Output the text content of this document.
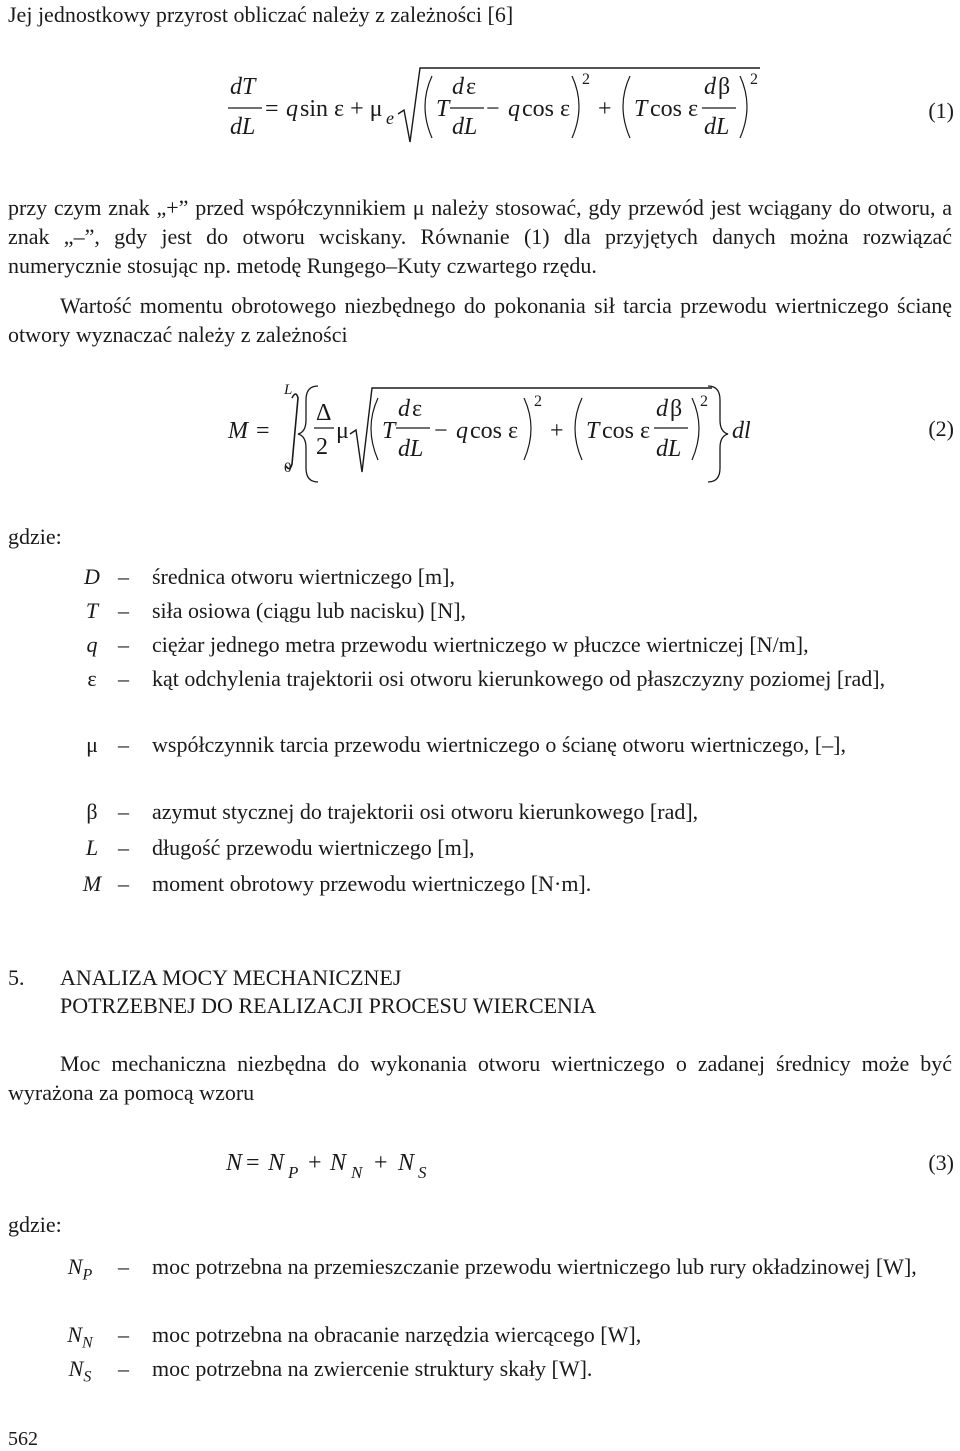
Jej jednostkowy przyrost obliczać należy z zależności [6]
dT
dL
= q sin ε + μ e T
d ε
dL
− q cos ε
2
+ T cos ε
d β
dL
2
(1)
przy czym znak „+” przed współczynnikiem μ należy stosować, gdy przewód jest wciągany do otworu, a znak „–”, gdy jest do otworu wciskany. Równanie (1) dla przyjętych danych można rozwiązać numerycznie stosując np. metodę Rungego–Kuty czwartego rzędu.
Wartość momentu obrotowego niezbędnego do pokonania sił tarcia przewodu wiertniczego ścianę otwory wyznaczać należy z zależności
M =
L
0
Δ
2
μ T
d ε
dL
− q cos ε
2
+ T cos ε
d β
dL
2
dl	(2)
gdzie:
D – średnica otworu wiertniczego [m],
T – siła osiowa (ciągu lub nacisku) [N],
q – ciężar jednego metra przewodu wiertniczego w płuczce wiertniczej [N/m],
ε – kąt odchylenia trajektorii osi otworu kierunkowego od płaszczyzny poziomej [rad],
μ – współczynnik tarcia przewodu wiertniczego o ścianę otworu wiertniczego, [–],
β – azymut stycznej do trajektorii osi otworu kierunkowego [rad],
L – długość przewodu wiertniczego [m],
M – moment obrotowy przewodu wiertniczego [N·m].
5. ANALIZA MOCY MECHANICZNEJ
POTRZEBNEJ DO REALIZACJI PROCESU WIERCENIA
Moc mechaniczna niezbędna do wykonania otworu wiertniczego o zadanej średnicy może być wyrażona za pomocą wzoru
N = N P + N N + N S	(3)
gdzie:
$N_P$	– moc potrzebna na przemieszczanie przewodu wiertniczego lub rury okładzinowej [W],
$N_N$	– moc potrzebna na obracanie narzędzia wiercącego [W],
$N_S$	– moc potrzebna na zwiercenie struktury skały [W].
562
